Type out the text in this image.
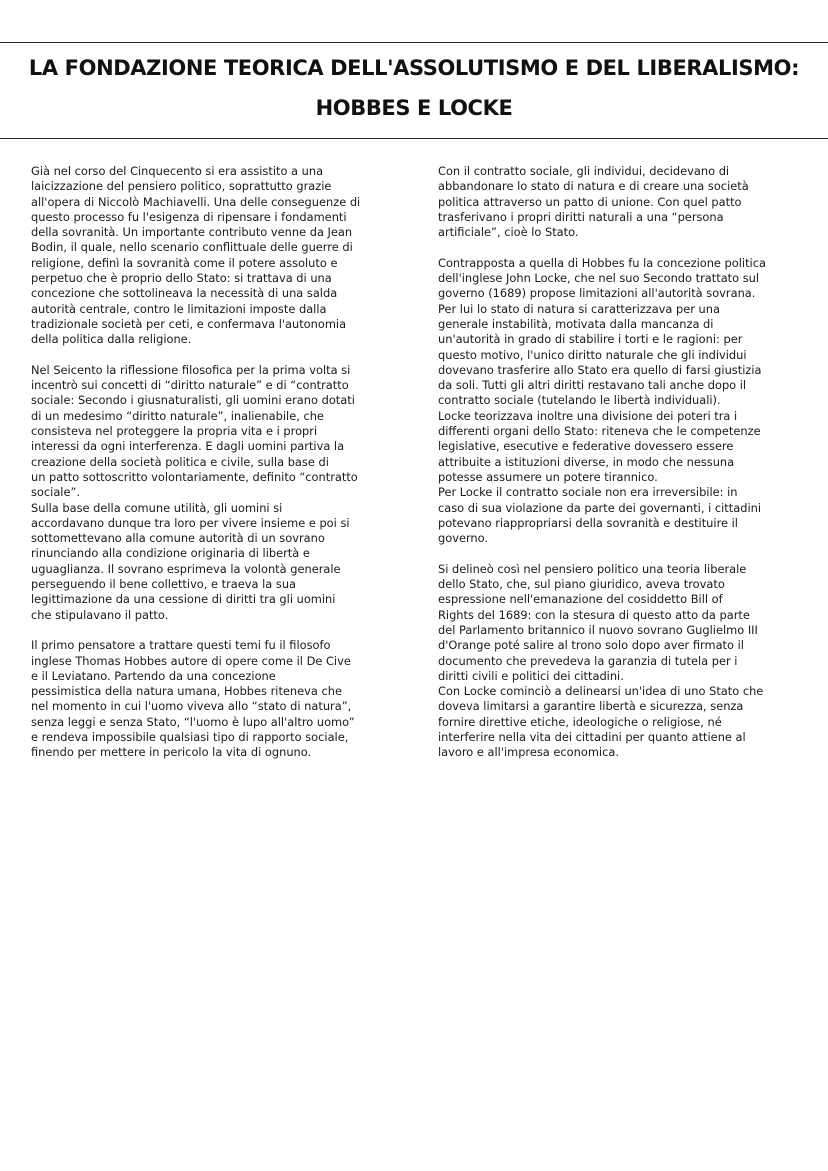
LA FONDAZIONE TEORICA DELL'ASSOLUTISMO E DEL LIBERALISMO:
HOBBES E LOCKE

Già nel corso del Cinquecento si era assistito a una
laicizzazione del pensiero politico, soprattutto grazie
all'opera di Niccolò Machiavelli. Una delle conseguenze di
questo processo fu l'esigenza di ripensare i fondamenti
della sovranità. Un importante contributo venne da Jean
Bodin, il quale, nello scenario conflittuale delle guerre di
religione, definì la sovranità come il potere assoluto e
perpetuo che è proprio dello Stato: si trattava di una
concezione che sottolineava la necessità di una salda
autorità centrale, contro le limitazioni imposte dalla
tradizionale società per ceti, e confermava l'autonomia
della politica dalla religione.

Nel Seicento la riflessione filosofica per la prima volta si
incentrò sui concetti di “diritto naturale” e di “contratto
sociale: Secondo i giusnaturalisti, gli uomini erano dotati
di un medesimo “diritto naturale”, inalienabile, che
consisteva nel proteggere la propria vita e i propri
interessi da ogni interferenza. E dagli uomini partiva la
creazione della società politica e civile, sulla base di
un patto sottoscritto volontariamente, definito “contratto
sociale”.
Sulla base della comune utilità, gli uomini si
accordavano dunque tra loro per vivere insieme e poi si
sottomettevano alla comune autorità di un sovrano
rinunciando alla condizione originaria di libertà e
uguaglianza. Il sovrano esprimeva la volontà generale
perseguendo il bene collettivo, e traeva la sua
legittimazione da una cessione di diritti tra gli uomini
che stipulavano il patto.

Il primo pensatore a trattare questi temi fu il filosofo
inglese Thomas Hobbes autore di opere come il De Cive
e il Leviatano. Partendo da una concezione
pessimistica della natura umana, Hobbes riteneva che
nel momento in cui l'uomo viveva allo “stato di natura”,
senza leggi e senza Stato, “l'uomo è lupo all'altro uomo”
e rendeva impossibile qualsiasi tipo di rapporto sociale,
finendo per mettere in pericolo la vita di ognuno.

Con il contratto sociale, gli individui, decidevano di
abbandonare lo stato di natura e di creare una società
politica attraverso un patto di unione. Con quel patto
trasferivano i propri diritti naturali a una “persona
artificiale”, cioè lo Stato.

Contrapposta a quella di Hobbes fu la concezione politica
dell'inglese John Locke, che nel suo Secondo trattato sul
governo (1689) propose limitazioni all'autorità sovrana.
Per lui lo stato di natura si caratterizzava per una
generale instabilità, motivata dalla mancanza di
un'autorità in grado di stabilire i torti e le ragioni: per
questo motivo, l'unico diritto naturale che gli individui
dovevano trasferire allo Stato era quello di farsi giustizia
da soli. Tutti gli altri diritti restavano tali anche dopo il
contratto sociale (tutelando le libertà individuali).
Locke teorizzava inoltre una divisione dei poteri tra i
differenti organi dello Stato: riteneva che le competenze
legislative, esecutive e federative dovessero essere
attribuite a istituzioni diverse, in modo che nessuna
potesse assumere un potere tirannico.
Per Locke il contratto sociale non era irreversibile: in
caso di sua violazione da parte dei governanti, i cittadini
potevano riappropriarsi della sovranità e destituire il
governo.

Si delineò così nel pensiero politico una teoria liberale
dello Stato, che, sul piano giuridico, aveva trovato
espressione nell'emanazione del cosiddetto Bill of
Rights del 1689: con la stesura di questo atto da parte
del Parlamento britannico il nuovo sovrano Guglielmo III
d'Orange poté salire al trono solo dopo aver firmato il
documento che prevedeva la garanzia di tutela per i
diritti civili e politici dei cittadini.
Con Locke cominciò a delinearsi un'idea di uno Stato che
doveva limitarsi a garantire libertà e sicurezza, senza
fornire direttive etiche, ideologiche o religiose, né
interferire nella vita dei cittadini per quanto attiene al
lavoro e all'impresa economica.
